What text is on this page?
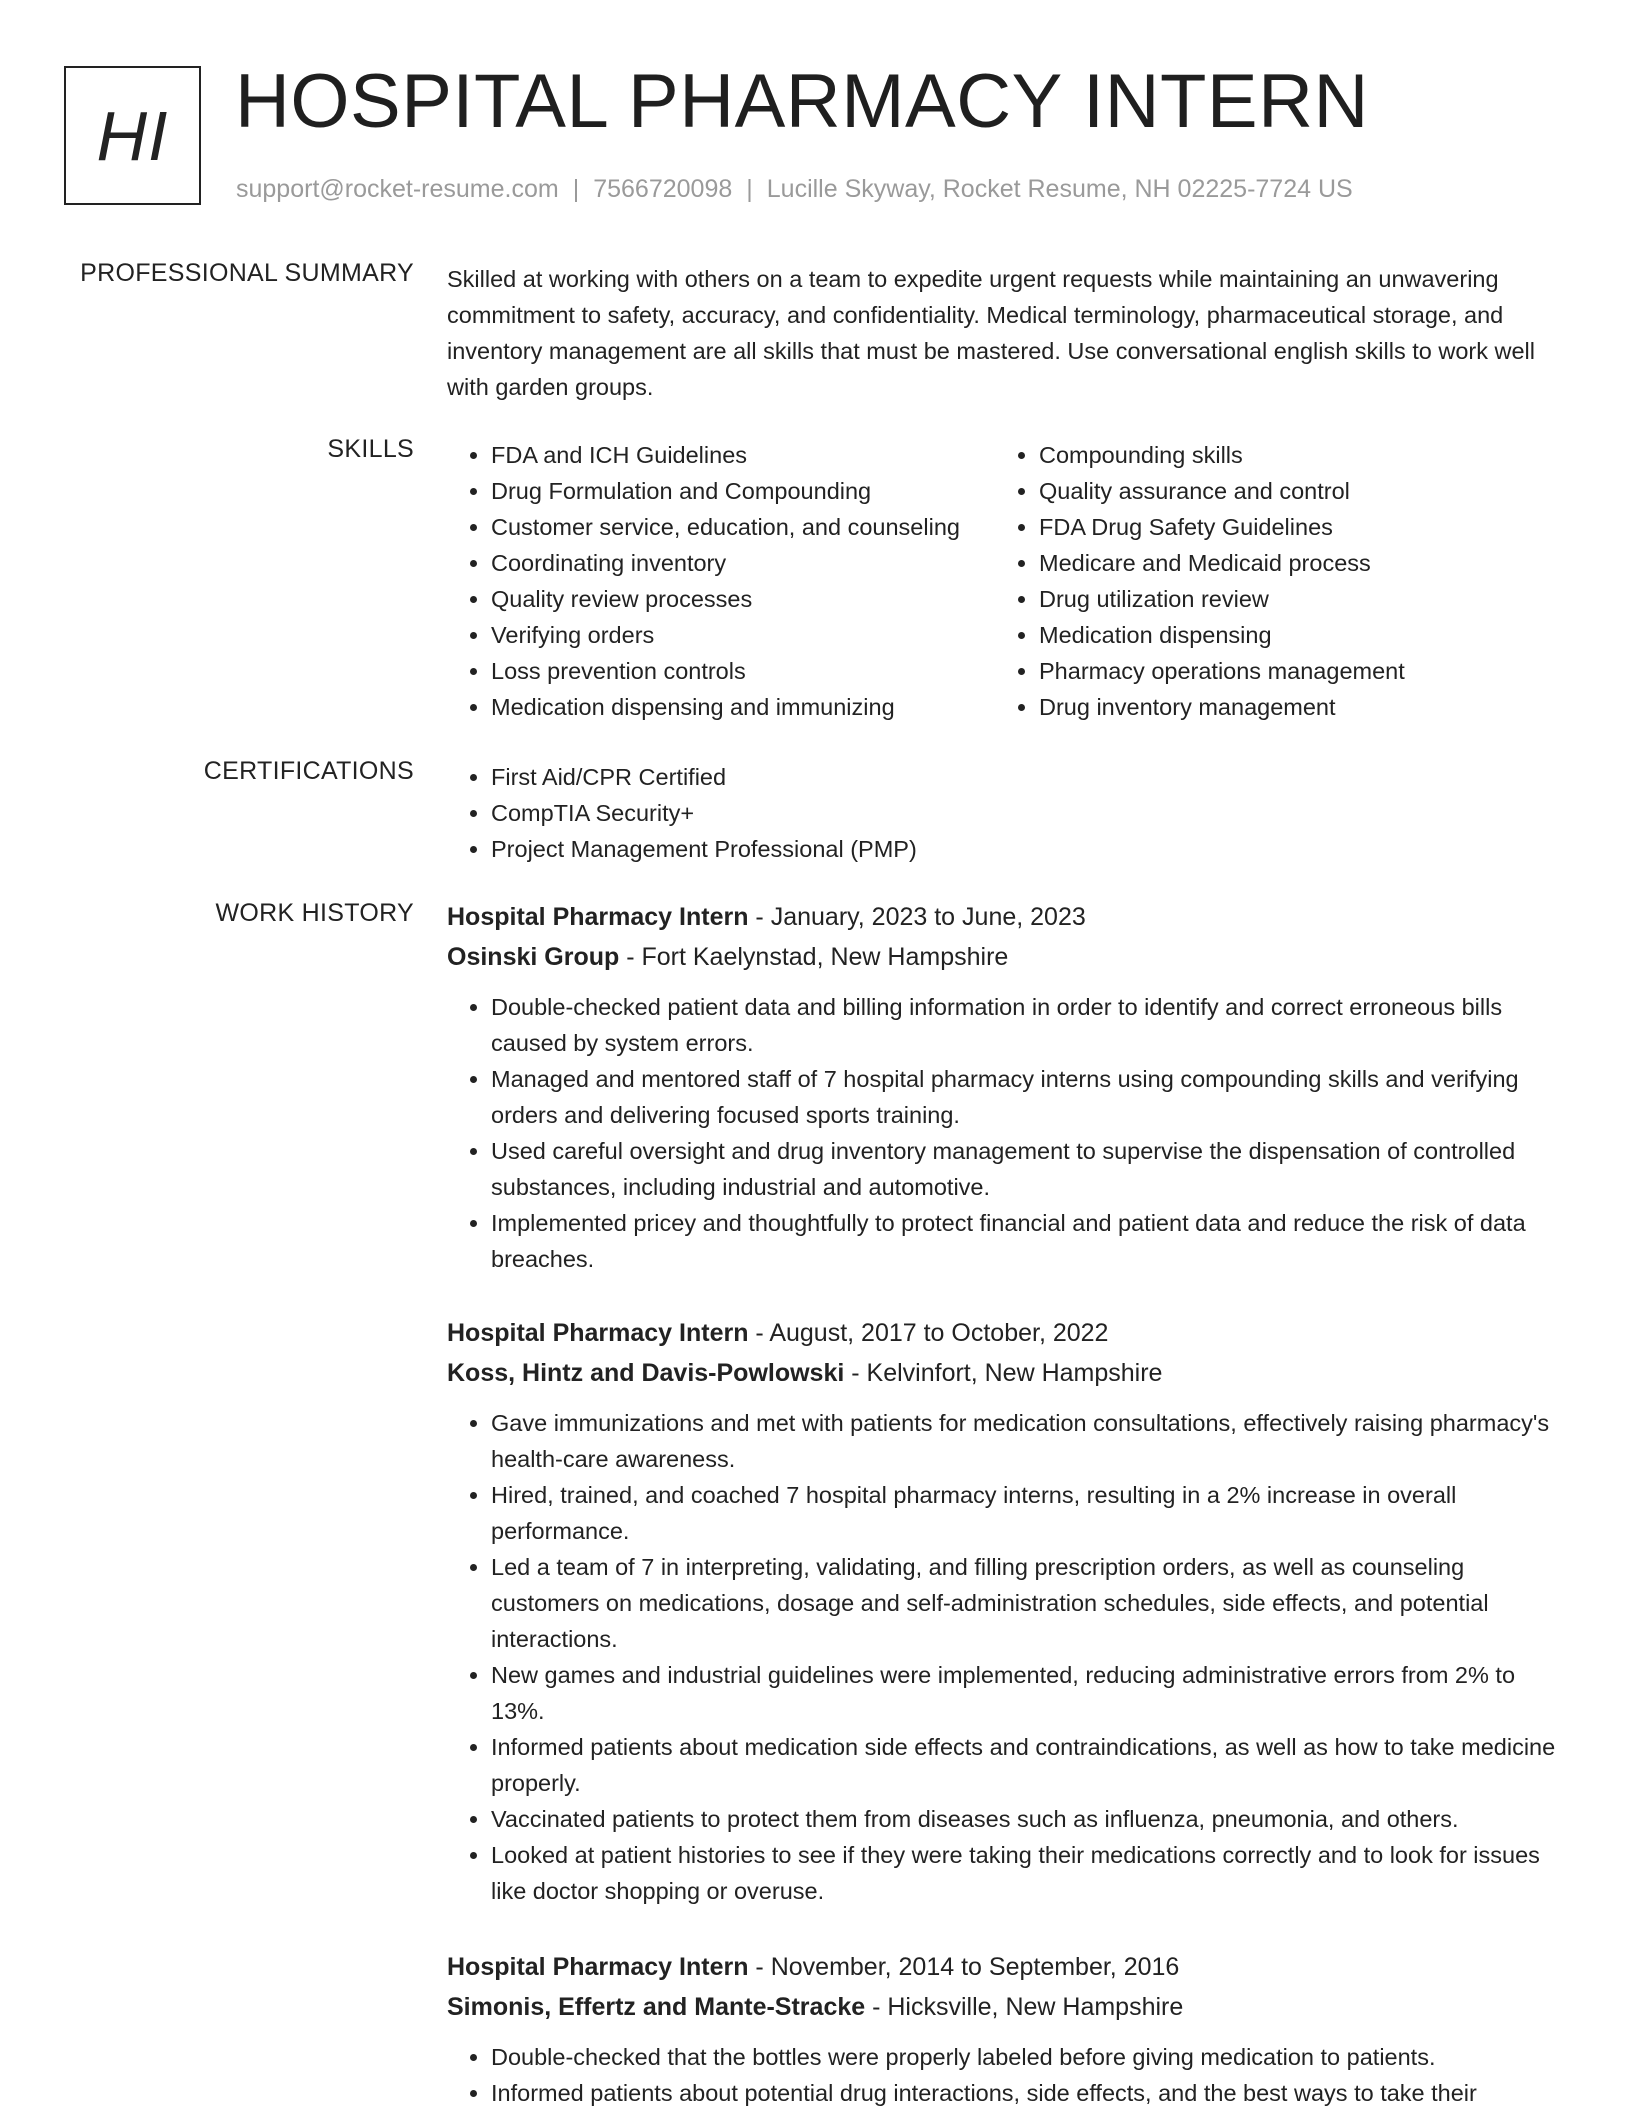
HI HOSPITAL PHARMACY INTERN
support@rocket-resume.com | 7566720098 | Lucille Skyway, Rocket Resume, NH 02225-7724 US
PROFESSIONAL SUMMARY Skilled at working with others on a team to expedite urgent requests while maintaining an unwavering commitment to safety, accuracy, and confidentiality. Medical terminology, pharmaceutical storage, and inventory management are all skills that must be mastered. Use conversational english skills to work well with garden groups.
SKILLS	• FDA and ICH Guidelines
• Drug Formulation and Compounding
• Customer service, education, and counseling
• Coordinating inventory
• Quality review processes
• Verifying orders
• Loss prevention controls
• Medication dispensing and immunizing
• Compounding skills
• Quality assurance and control
• FDA Drug Safety Guidelines
• Medicare and Medicaid process
• Drug utilization review
• Medication dispensing
• Pharmacy operations management
• Drug inventory management
CERTIFICATIONS	• First Aid/CPR Certified
• CompTIA Security+
• Project Management Professional (PMP)
WORK HISTORY Hospital Pharmacy Intern - January, 2023 to June, 2023
Osinski Group - Fort Kaelynstad, New Hampshire
• Double-checked patient data and billing information in order to identify and correct erroneous bills caused by system errors.
• Managed and mentored staff of 7 hospital pharmacy interns using compounding skills and verifying orders and delivering focused sports training.
• Used careful oversight and drug inventory management to supervise the dispensation of controlled substances, including industrial and automotive.
• Implemented pricey and thoughtfully to protect financial and patient data and reduce the risk of data breaches.
Hospital Pharmacy Intern - August, 2017 to October, 2022
Koss, Hintz and Davis-Powlowski - Kelvinfort, New Hampshire
• Gave immunizations and met with patients for medication consultations, effectively raising pharmacy's health-care awareness.
• Hired, trained, and coached 7 hospital pharmacy interns, resulting in a 2% increase in overall performance.
• Led a team of 7 in interpreting, validating, and filling prescription orders, as well as counseling customers on medications, dosage and self-administration schedules, side effects, and potential interactions.
• New games and industrial guidelines were implemented, reducing administrative errors from 2% to 13%.
• Informed patients about medication side effects and contraindications, as well as how to take medicine properly.
• Vaccinated patients to protect them from diseases such as influenza, pneumonia, and others.
• Looked at patient histories to see if they were taking their medications correctly and to look for issues like doctor shopping or overuse.
Hospital Pharmacy Intern - November, 2014 to September, 2016
Simonis, Effertz and Mante-Stracke - Hicksville, New Hampshire
• Double-checked that the bottles were properly labeled before giving medication to patients.
• Informed patients about potential drug interactions, side effects, and the best ways to take their
